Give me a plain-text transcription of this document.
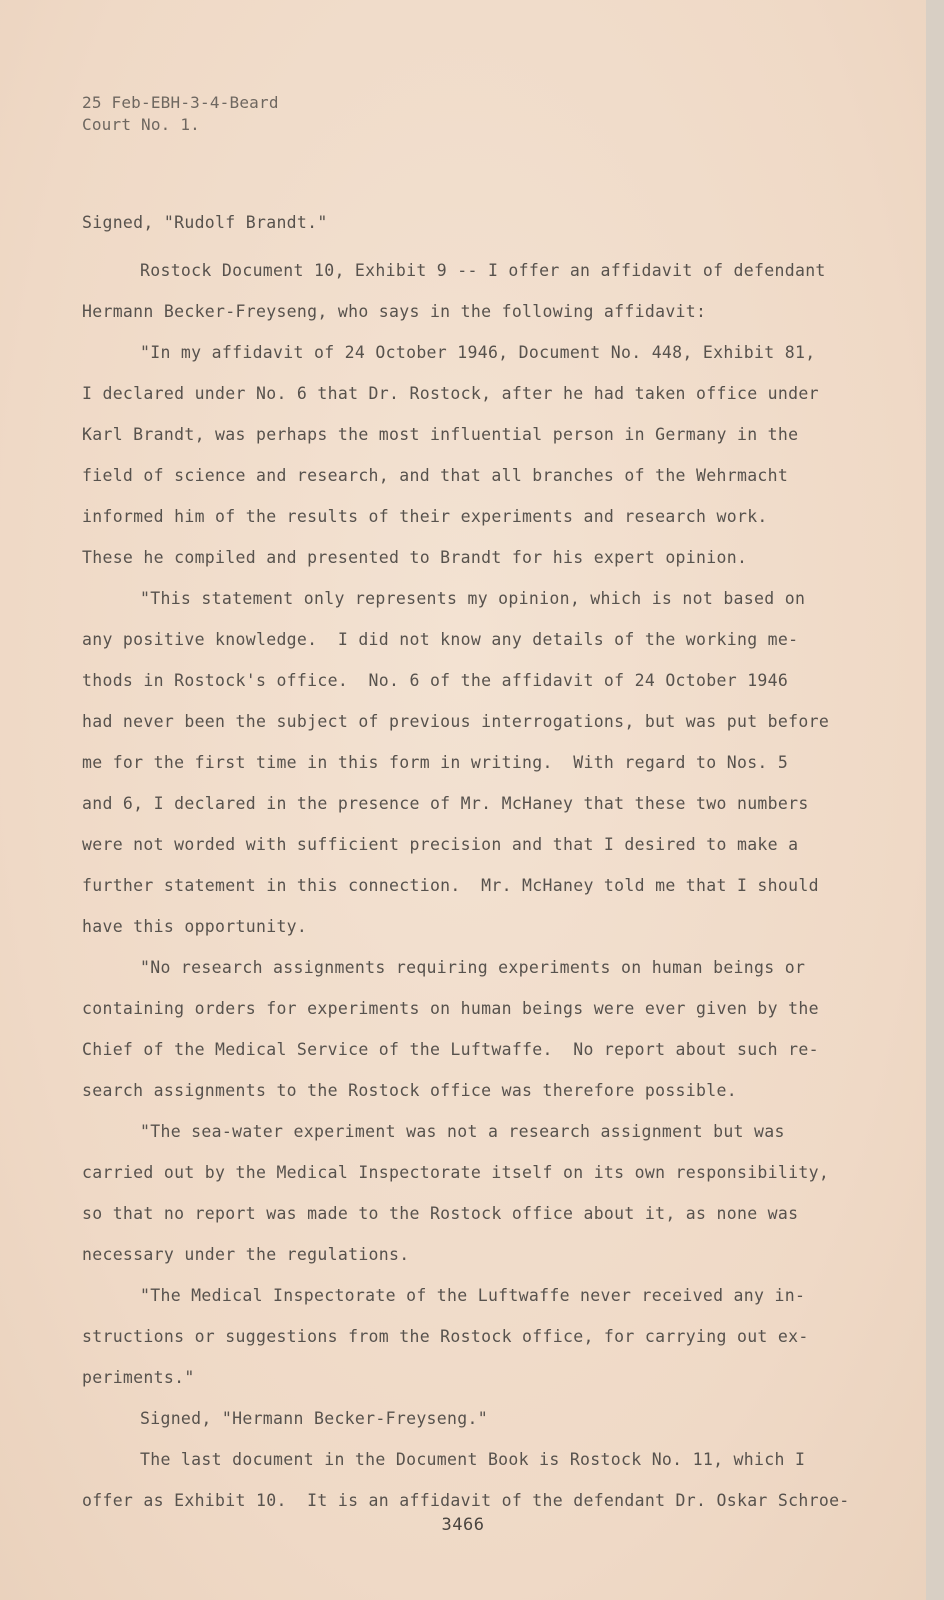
25 Feb-EBH-3-4-Beard
Court No. 1.
Signed, "Rudolf Brandt."
Rostock Document 10, Exhibit 9 -- I offer an affidavit of defendant
Hermann Becker-Freyseng, who says in the following affidavit:
"In my affidavit of 24 October 1946, Document No. 448, Exhibit 81,
I declared under No. 6 that Dr. Rostock, after he had taken office under
Karl Brandt, was perhaps the most influential person in Germany in the
field of science and research, and that all branches of the Wehrmacht
informed him of the results of their experiments and research work.
These he compiled and presented to Brandt for his expert opinion.
"This statement only represents my opinion, which is not based on
any positive knowledge.  I did not know any details of the working me-
thods in Rostock's office.  No. 6 of the affidavit of 24 October 1946
had never been the subject of previous interrogations, but was put before
me for the first time in this form in writing.  With regard to Nos. 5
and 6, I declared in the presence of Mr. McHaney that these two numbers
were not worded with sufficient precision and that I desired to make a
further statement in this connection.  Mr. McHaney told me that I should
have this opportunity.
"No research assignments requiring experiments on human beings or
containing orders for experiments on human beings were ever given by the
Chief of the Medical Service of the Luftwaffe.  No report about such re-
search assignments to the Rostock office was therefore possible.
"The sea-water experiment was not a research assignment but was
carried out by the Medical Inspectorate itself on its own responsibility,
so that no report was made to the Rostock office about it, as none was
necessary under the regulations.
"The Medical Inspectorate of the Luftwaffe never received any in-
structions or suggestions from the Rostock office, for carrying out ex-
periments."
Signed, "Hermann Becker-Freyseng."
The last document in the Document Book is Rostock No. 11, which I
offer as Exhibit 10.  It is an affidavit of the defendant Dr. Oskar Schroe-
3466
